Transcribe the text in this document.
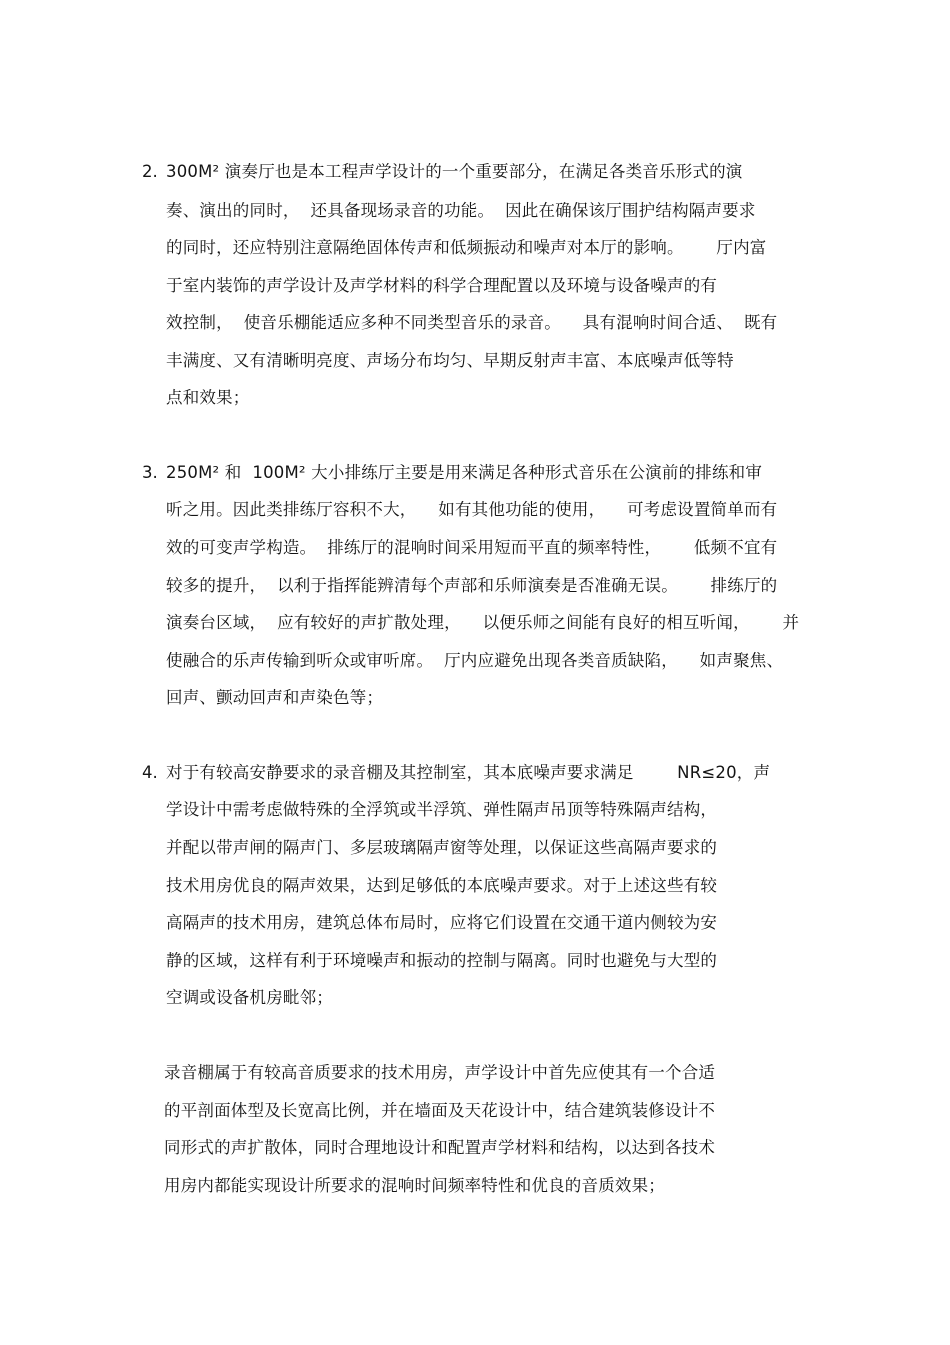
2. 300M² 演奏厅也是本工程声学设计的一个重要部分，在满足各类音乐形式的演
奏、演出的同时，  还具备现场录音的功能。  因此在确保该厅围护结构隔声要求
的同时，还应特别注意隔绝固体传声和低频振动和噪声对本厅的影响。      厅内富
于室内装饰的声学设计及声学材料的科学合理配置以及环境与设备噪声的有
效控制，  使音乐棚能适应多种不同类型音乐的录音。    具有混响时间合适、  既有
丰满度、又有清晰明亮度、声场分布均匀、早期反射声丰富、本底噪声低等特
点和效果；
3. 250M² 和  100M² 大小排练厅主要是用来满足各种形式音乐在公演前的排练和审
听之用。因此类排练厅容积不大，    如有其他功能的使用，    可考虑设置简单而有
效的可变声学构造。  排练厅的混响时间采用短而平直的频率特性，      低频不宜有
较多的提升，  以利于指挥能辨清每个声部和乐师演奏是否准确无误。      排练厅的
演奏台区域，  应有较好的声扩散处理，    以便乐师之间能有良好的相互听闻，      并
使融合的乐声传输到听众或审听席。  厅内应避免出现各类音质缺陷，    如声聚焦、
回声、颤动回声和声染色等；
4. 对于有较高安静要求的录音棚及其控制室，其本底噪声要求满足        NR≤20，声
学设计中需考虑做特殊的全浮筑或半浮筑、弹性隔声吊顶等特殊隔声结构，
并配以带声闸的隔声门、多层玻璃隔声窗等处理，以保证这些高隔声要求的
技术用房优良的隔声效果，达到足够低的本底噪声要求。对于上述这些有较
高隔声的技术用房，建筑总体布局时，应将它们设置在交通干道内侧较为安
静的区域，这样有利于环境噪声和振动的控制与隔离。同时也避免与大型的
空调或设备机房毗邻；
录音棚属于有较高音质要求的技术用房，声学设计中首先应使其有一个合适
的平剖面体型及长宽高比例，并在墙面及天花设计中，结合建筑装修设计不
同形式的声扩散体，同时合理地设计和配置声学材料和结构，以达到各技术
用房内都能实现设计所要求的混响时间频率特性和优良的音质效果；
